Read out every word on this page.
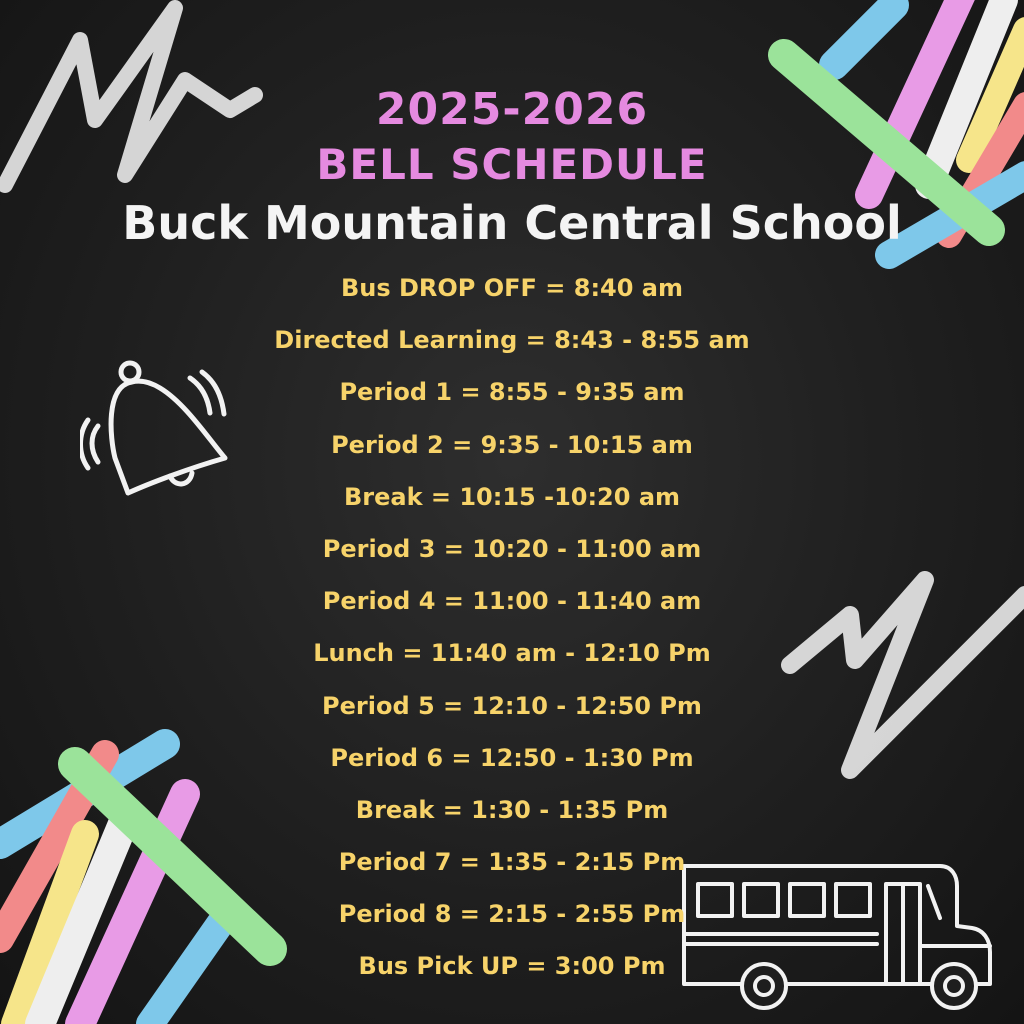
2025-2026
BELL SCHEDULE
Buck Mountain Central School
Bus DROP OFF = 8:40 am
Directed Learning = 8:43 - 8:55 am
Period 1 = 8:55 - 9:35 am
Period 2 = 9:35 - 10:15 am
Break = 10:15 -10:20 am
Period 3 = 10:20 - 11:00 am
Period 4 = 11:00 - 11:40 am
Lunch = 11:40 am - 12:10 Pm
Period 5 = 12:10 - 12:50 Pm
Period 6 = 12:50 - 1:30 Pm
Break = 1:30 - 1:35 Pm
Period 7 = 1:35 - 2:15 Pm
Period 8 = 2:15 - 2:55 Pm
Bus Pick UP = 3:00 Pm
